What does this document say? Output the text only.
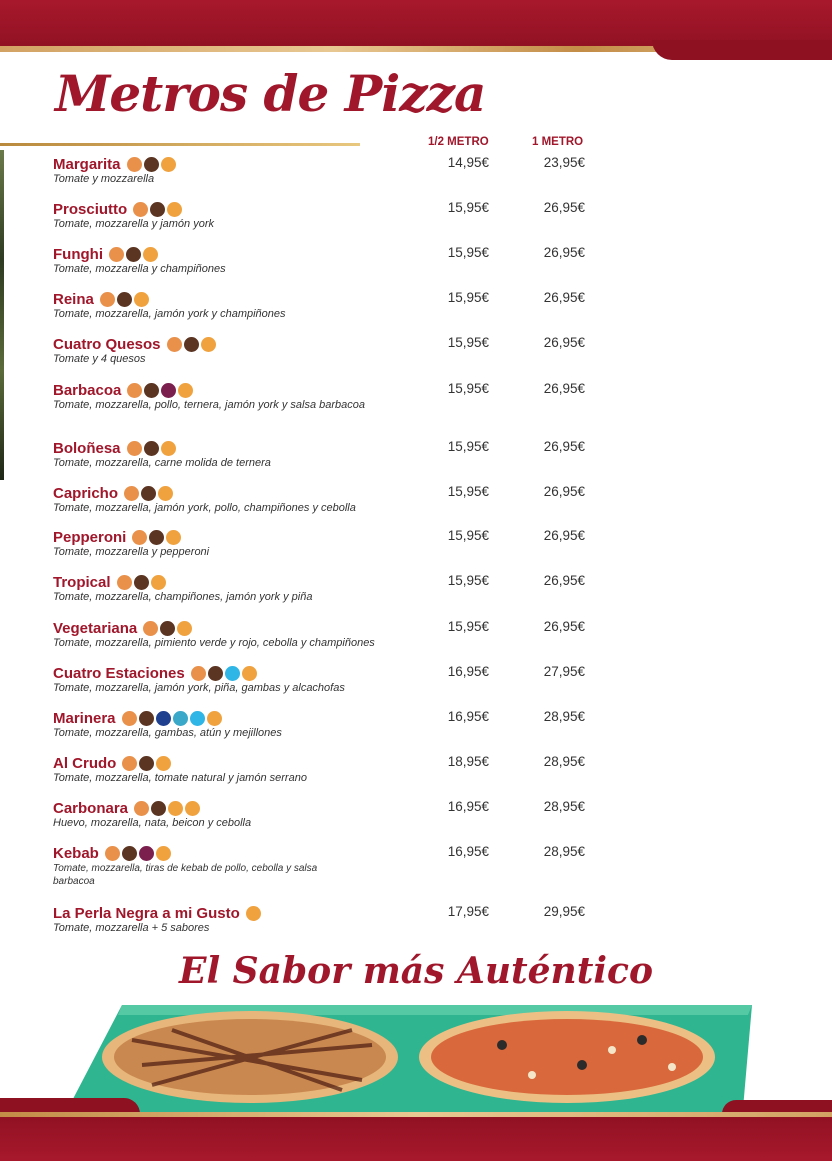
Metros de Pizza
1/2 METRO	1 METRO
Margarita
Tomate y mozzarella
14,95€	23,95€
Prosciutto
Tomate, mozzarella y jamón york
15,95€	26,95€
Funghi
Tomate, mozzarella y champiñones
15,95€	26,95€
Reina
Tomate, mozzarella, jamón york y champiñones
15,95€	26,95€
Cuatro Quesos
Tomate y 4 quesos
15,95€	26,95€
Barbacoa
Tomate, mozzarella, pollo, ternera, jamón york y salsa barbacoa
15,95€	26,95€
Boloñesa
Tomate, mozzarella, carne molida de ternera
15,95€	26,95€
Capricho
Tomate, mozzarella, jamón york, pollo, champiñones y cebolla
15,95€	26,95€
Pepperoni
Tomate, mozzarella y pepperoni
15,95€	26,95€
Tropical
Tomate, mozzarella, champiñones, jamón york y piña
15,95€	26,95€
Vegetariana
Tomate, mozzarella, pimiento verde y rojo, cebolla y champiñones
15,95€	26,95€
Cuatro Estaciones
Tomate, mozzarella, jamón york, piña, gambas y alcachofas
16,95€	27,95€
Marinera
Tomate, mozzarella, gambas, atún y mejillones
16,95€	28,95€
Al Crudo
Tomate, mozzarella, tomate natural y jamón serrano
18,95€	28,95€
Carbonara
Huevo, mozarella, nata, beicon y cebolla
16,95€	28,95€
Kebab
Tomate, mozzarella, tiras de kebab de pollo, cebolla y salsa barbacoa
16,95€	28,95€
La Perla Negra a mi Gusto
Tomate, mozzarella + 5 sabores
17,95€	29,95€
El Sabor más Auténtico
